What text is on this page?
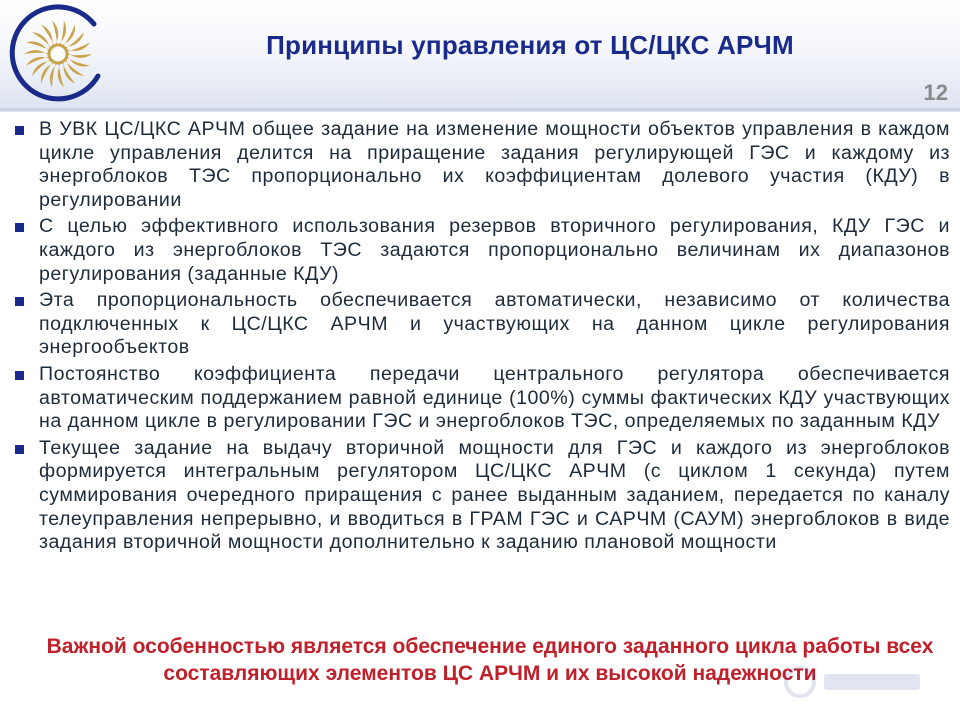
Принципы управления от ЦС/ЦКС АРЧМ
12
В УВК ЦС/ЦКС АРЧМ общее задание на изменение мощности объектов управления в каждом цикле управления делится на приращение задания регулирующей ГЭС и каждому из энергоблоков ТЭС пропорционально их коэффициентам долевого участия (КДУ) в регулировании
С целью эффективного использования резервов вторичного регулирования, КДУ ГЭС и каждого из энергоблоков ТЭС задаются пропорционально величинам их диапазонов регулирования (заданные КДУ)
Эта пропорциональность обеспечивается автоматически, независимо от количества подключенных к ЦС/ЦКС АРЧМ и участвующих на данном цикле регулирования энергообъектов
Постоянство коэффициента передачи центрального регулятора обеспечивается автоматическим поддержанием равной единице (100%) суммы фактических КДУ участвующих на данном цикле в регулировании ГЭС и энергоблоков ТЭС, определяемых по заданным КДУ
Текущее задание на выдачу вторичной мощности для ГЭС и каждого из энергоблоков формируется интегральным регулятором ЦС/ЦКС АРЧМ (с циклом 1 секунда) путем суммирования очередного приращения с ранее выданным заданием, передается по каналу телеуправления непрерывно, и вводиться в ГРАМ ГЭС и САРЧМ (САУМ) энергоблоков в виде задания вторичной мощности дополнительно к заданию плановой мощности
Важной особенностью является обеспечение единого заданного цикла работы всех составляющих элементов ЦС АРЧМ и их высокой надежности
